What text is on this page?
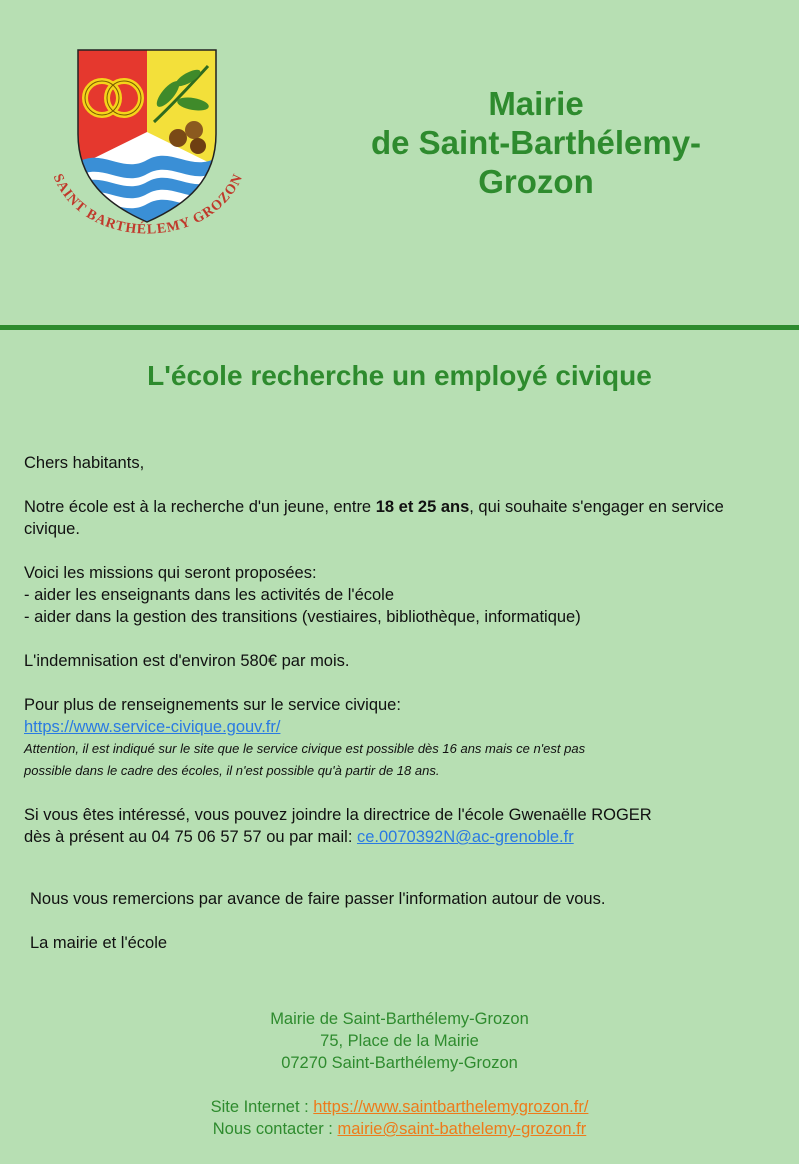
SAINT BARTHÉLEMY GROZON
Mairie
de Saint-Barthélemy-
Grozon
L'école recherche un employé civique

Chers habitants,

Notre école est à la recherche d'un jeune, entre 18 et 25 ans, qui souhaite s'engager en service civique.

Voici les missions qui seront proposées:

- aider les enseignants dans les activités de l'école

- aider dans la gestion des transitions (vestiaires, bibliothèque, informatique)

L'indemnisation est d'environ 580€ par mois.

Pour plus de renseignements sur le service civique:

https://www.service-civique.gouv.fr/

Attention, il est indiqué sur le site que le service civique est possible dès 16 ans mais ce n'est pas

possible dans le cadre des écoles, il n'est possible qu'à partir de 18 ans.

Si vous êtes intéressé, vous pouvez joindre la directrice de l'école Gwenaëlle ROGER

dès à présent au 04 75 06 57 57 ou par mail: ce.0070392N@ac-grenoble.fr

Nous vous remercions par avance de faire passer l'information autour de vous.

La mairie et l'école

Mairie de Saint-Barthélemy-Grozon

75, Place de la Mairie

07270 Saint-Barthélemy-Grozon

Site Internet : https://www.saintbarthelemygrozon.fr/

Nous contacter : mairie@saint-bathelemy-grozon.fr
